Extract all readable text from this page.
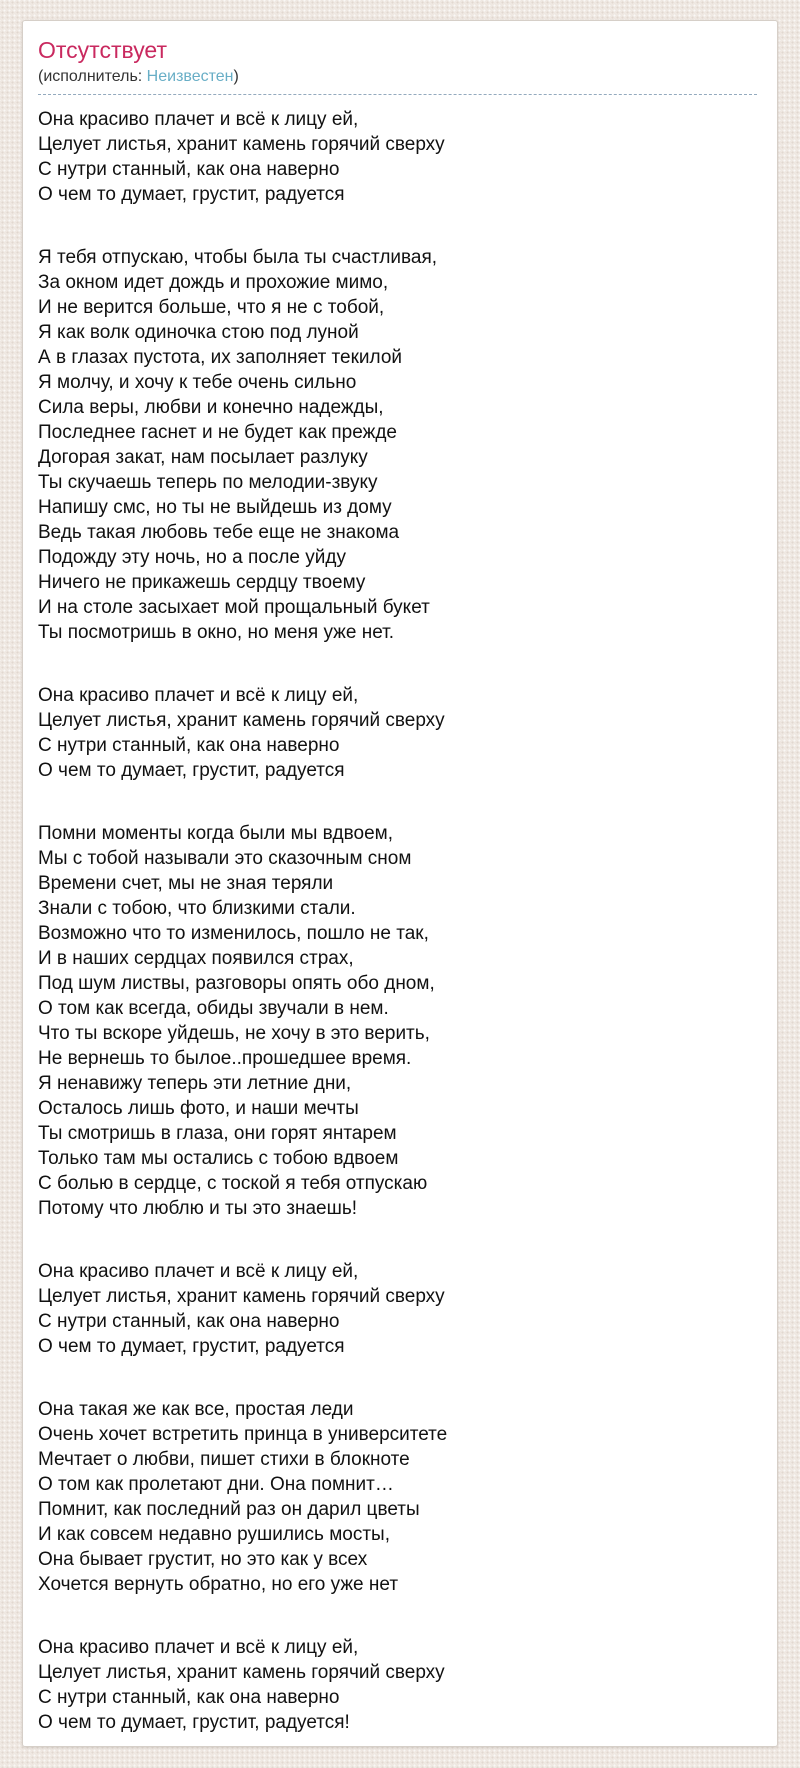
Отсутствует
(исполнитель: Неизвестен)

Она красиво плачет и всё к лицу ей,
Целует листья, хранит камень горячий сверху
С нутри станный, как она наверно
О чем то думает, грустит, радуется

Я тебя отпускаю, чтобы была ты счастливая,
За окном идет дождь и прохожие мимо,
И не верится больше, что я не с тобой,
Я как волк одиночка стою под луной
А в глазах пустота, их заполняет текилой
Я молчу, и хочу к тебе очень сильно
Сила веры, любви и конечно надежды,
Последнее гаснет и не будет как прежде
Догорая закат, нам посылает разлуку
Ты скучаешь теперь по мелодии-звуку
Напишу смс, но ты не выйдешь из дому
Ведь такая любовь тебе еще не знакома
Подожду эту ночь, но а после уйду
Ничего не прикажешь сердцу твоему
И на столе засыхает мой прощальный букет
Ты посмотришь в окно, но меня уже нет.

Она красиво плачет и всё к лицу ей,
Целует листья, хранит камень горячий сверху
С нутри станный, как она наверно
О чем то думает, грустит, радуется

Помни моменты когда были мы вдвоем,
Мы с тобой называли это сказочным сном
Времени счет, мы не зная теряли
Знали с тобою, что близкими стали.
Возможно что то изменилось, пошло не так,
И в наших сердцах появился страх,
Под шум листвы, разговоры опять обо дном,
О том как всегда, обиды звучали в нем.
Что ты вскоре уйдешь, не хочу в это верить,
Не вернешь то былое..прошедшее время.
Я ненавижу теперь эти летние дни,
Осталось лишь фото, и наши мечты
Ты смотришь в глаза, они горят янтарем
Только там мы остались с тобою вдвоем
С болью в сердце, с тоской я тебя отпускаю
Потому что люблю и ты это знаешь!

Она красиво плачет и всё к лицу ей,
Целует листья, хранит камень горячий сверху
С нутри станный, как она наверно
О чем то думает, грустит, радуется

Она такая же как все, простая леди
Очень хочет встретить принца в университете
Мечтает о любви, пишет стихи в блокноте
О том как пролетают дни. Она помнит…
Помнит, как последний раз он дарил цветы
И как совсем недавно рушились мосты,
Она бывает грустит, но это как у всех
Хочется вернуть обратно, но его уже нет

Она красиво плачет и всё к лицу ей,
Целует листья, хранит камень горячий сверху
С нутри станный, как она наверно
О чем то думает, грустит, радуется!
